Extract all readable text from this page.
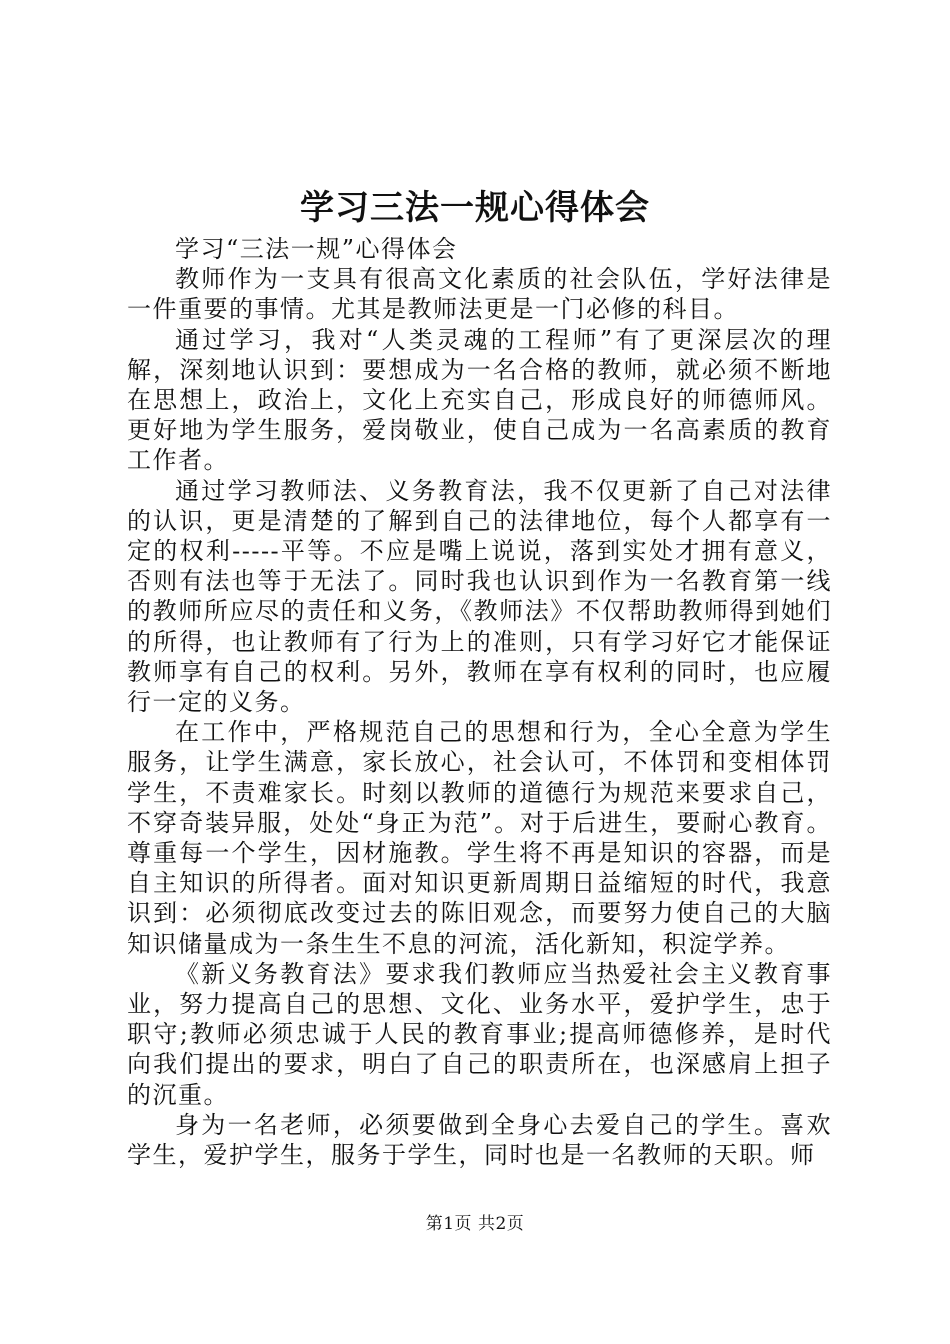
学习三法一规心得体会

学习“三法一规”心得体会

教师作为一支具有很高文化素质的社会队伍，学好法律是一件重要的事情。尤其是教师法更是一门必修的科目。

通过学习，我对“人类灵魂的工程师”有了更深层次的理解，深刻地认识到：要想成为一名合格的教师，就必须不断地在思想上，政治上，文化上充实自己，形成良好的师德师风。更好地为学生服务，爱岗敬业，使自己成为一名高素质的教育工作者。

通过学习教师法、义务教育法，我不仅更新了自己对法律的认识，更是清楚的了解到自己的法律地位，每个人都享有一定的权利-----平等。不应是嘴上说说，落到实处才拥有意义，否则有法也等于无法了。同时我也认识到作为一名教育第一线的教师所应尽的责任和义务，《教师法》不仅帮助教师得到她们的所得，也让教师有了行为上的准则，只有学习好它才能保证教师享有自己的权利。另外，教师在享有权利的同时，也应履行一定的义务。

在工作中，严格规范自己的思想和行为，全心全意为学生服务，让学生满意，家长放心，社会认可，不体罚和变相体罚学生，不责难家长。时刻以教师的道德行为规范来要求自己，不穿奇装异服，处处“身正为范”。对于后进生，要耐心教育。尊重每一个学生，因材施教。学生将不再是知识的容器，而是自主知识的所得者。面对知识更新周期日益缩短的时代，我意识到：必须彻底改变过去的陈旧观念，而要努力使自己的大脑知识储量成为一条生生不息的河流，活化新知，积淀学养。

《新义务教育法》要求我们教师应当热爱社会主义教育事业，努力提高自己的思想、文化、业务水平，爱护学生，忠于职守;教师必须忠诚于人民的教育事业;提高师德修养，是时代向我们提出的要求，明白了自己的职责所在，也深感肩上担子的沉重。

身为一名老师，必须要做到全身心去爱自己的学生。喜欢学生，爱护学生，服务于学生，同时也是一名教师的天职。师

第1页 共2页
